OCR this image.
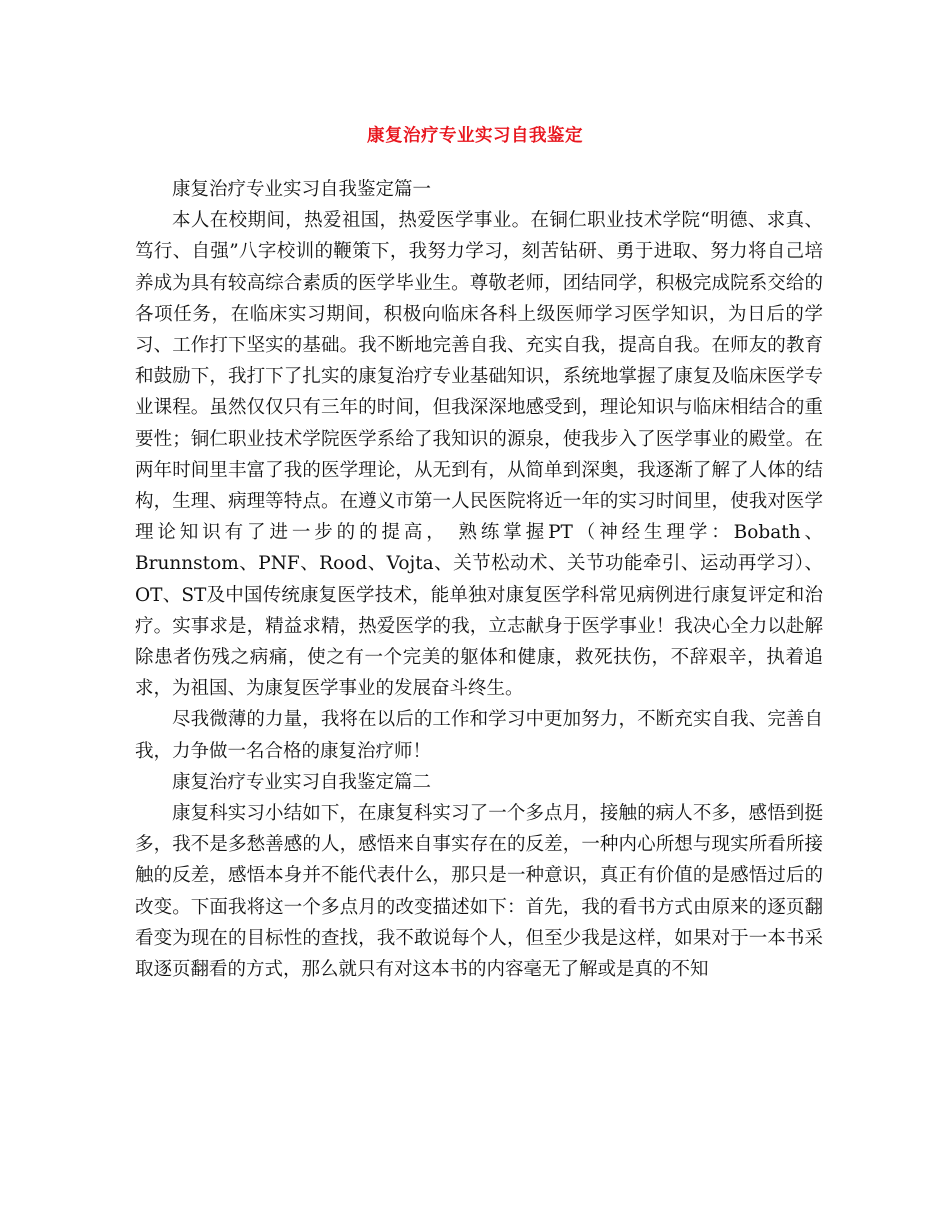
康复治疗专业实习自我鉴定

康复治疗专业实习自我鉴定篇一

本人在校期间，热爱祖国，热爱医学事业。在铜仁职业技术学院“明德、求真、笃行、自强”八字校训的鞭策下，我努力学习，刻苦钻研、勇于进取、努力将自己培养成为具有较高综合素质的医学毕业生。尊敬老师，团结同学，积极完成院系交给的各项任务，在临床实习期间，积极向临床各科上级医师学习医学知识，为日后的学习、工作打下坚实的基础。我不断地完善自我、充实自我，提高自我。在师友的教育和鼓励下，我打下了扎实的康复治疗专业基础知识，系统地掌握了康复及临床医学专业课程。虽然仅仅只有三年的时间，但我深深地感受到，理论知识与临床相结合的重要性；铜仁职业技术学院医学系给了我知识的源泉，使我步入了医学事业的殿堂。在两年时间里丰富了我的医学理论，从无到有，从简单到深奥，我逐渐了解了人体的结构，生理、病理等特点。在遵义市第一人民医院将近一年的实习时间里，使我对医学理论知识有了进一步的的提高， 熟练掌握PT（神经生理学：Bobath、Brunnstom、PNF、Rood、Vojta、关节松动术、关节功能牵引、运动再学习）、OT、ST及中国传统康复医学技术，能单独对康复医学科常见病例进行康复评定和治疗。实事求是，精益求精，热爱医学的我，立志献身于医学事业！我决心全力以赴解除患者伤残之病痛，使之有一个完美的躯体和健康，救死扶伤，不辞艰辛，执着追求，为祖国、为康复医学事业的发展奋斗终生。

尽我微薄的力量，我将在以后的工作和学习中更加努力，不断充实自我、完善自我，力争做一名合格的康复治疗师！

康复治疗专业实习自我鉴定篇二

康复科实习小结如下，在康复科实习了一个多点月，接触的病人不多，感悟到挺多，我不是多愁善感的人，感悟来自事实存在的反差，一种内心所想与现实所看所接触的反差，感悟本身并不能代表什么，那只是一种意识，真正有价值的是感悟过后的改变。下面我将这一个多点月的改变描述如下：首先，我的看书方式由原来的逐页翻看变为现在的目标性的查找，我不敢说每个人，但至少我是这样，如果对于一本书采取逐页翻看的方式，那么就只有对这本书的内容毫无了解或是真的不知
